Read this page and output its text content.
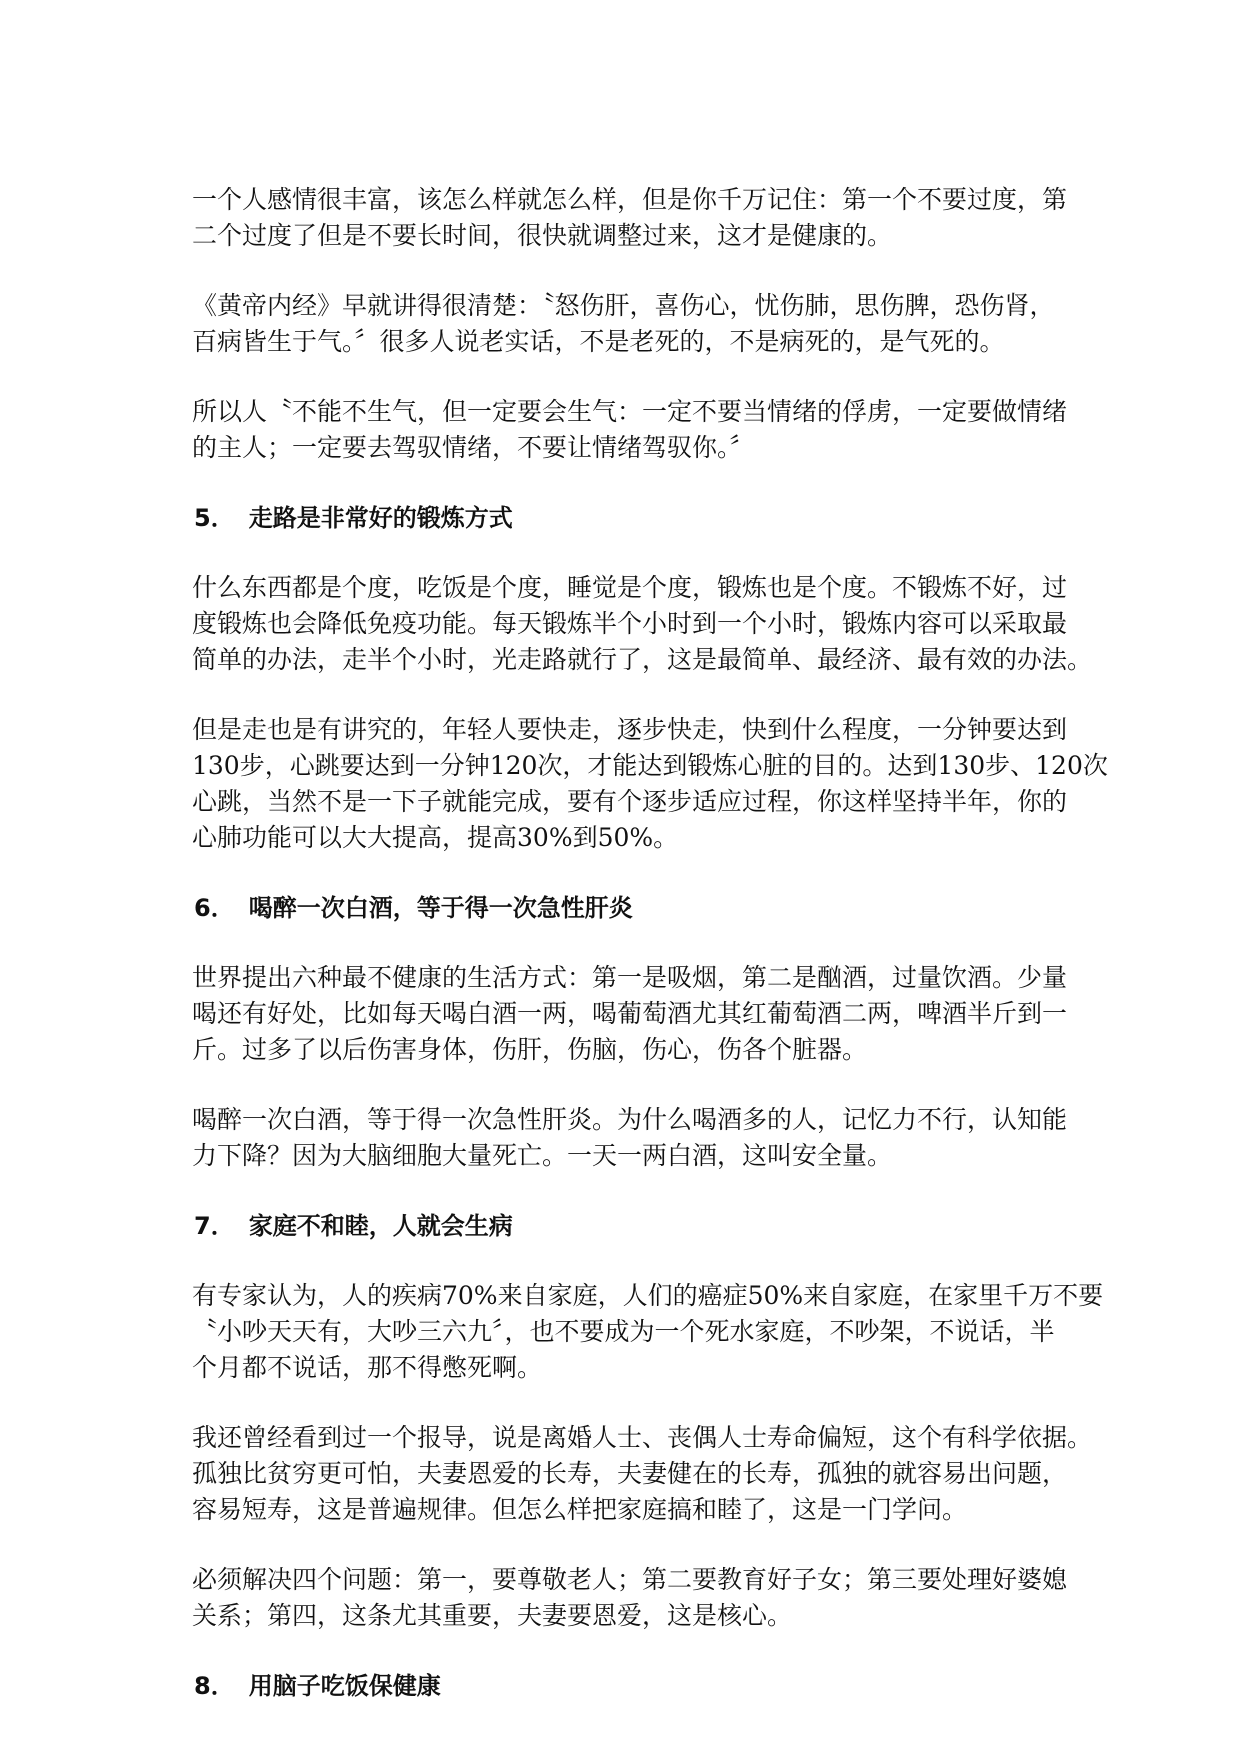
一个人感情很丰富，该怎么样就怎么样，但是你千万记住：第一个不要过度，第
二个过度了但是不要长时间，很快就调整过来，这才是健康的。
《黄帝内经》早就讲得很清楚：〝怒伤肝，喜伤心，忧伤肺，思伤脾，恐伤肾，
百病皆生于气。〞很多人说老实话，不是老死的，不是病死的，是气死的。
所以人〝不能不生气，但一定要会生气：一定不要当情绪的俘虏，一定要做情绪
的主人；一定要去驾驭情绪，不要让情绪驾驭你。〞
5． 走路是非常好的锻炼方式
什么东西都是个度，吃饭是个度，睡觉是个度，锻炼也是个度。不锻炼不好，过
度锻炼也会降低免疫功能。每天锻炼半个小时到一个小时，锻炼内容可以采取最
简单的办法，走半个小时，光走路就行了，这是最简单、最经济、最有效的办法。
但是走也是有讲究的，年轻人要快走，逐步快走，快到什么程度，一分钟要达到
130步，心跳要达到一分钟120次，才能达到锻炼心脏的目的。达到130步、120次
心跳，当然不是一下子就能完成，要有个逐步适应过程，你这样坚持半年，你的
心肺功能可以大大提高，提高30%到50%。
6． 喝醉一次白酒，等于得一次急性肝炎
世界提出六种最不健康的生活方式：第一是吸烟，第二是酗酒，过量饮酒。少量
喝还有好处，比如每天喝白酒一两，喝葡萄酒尤其红葡萄酒二两，啤酒半斤到一
斤。过多了以后伤害身体，伤肝，伤脑，伤心，伤各个脏器。
喝醉一次白酒，等于得一次急性肝炎。为什么喝酒多的人，记忆力不行，认知能
力下降？因为大脑细胞大量死亡。一天一两白酒，这叫安全量。
7． 家庭不和睦，人就会生病
有专家认为，人的疾病70%来自家庭，人们的癌症50%来自家庭，在家里千万不要
〝小吵天天有，大吵三六九〞，也不要成为一个死水家庭，不吵架，不说话，半
个月都不说话，那不得憋死啊。
我还曾经看到过一个报导，说是离婚人士、丧偶人士寿命偏短，这个有科学依据。
孤独比贫穷更可怕，夫妻恩爱的长寿，夫妻健在的长寿，孤独的就容易出问题，
容易短寿，这是普遍规律。但怎么样把家庭搞和睦了，这是一门学问。
必须解决四个问题：第一，要尊敬老人；第二要教育好子女；第三要处理好婆媳
关系；第四，这条尤其重要，夫妻要恩爱，这是核心。
8． 用脑子吃饭保健康
